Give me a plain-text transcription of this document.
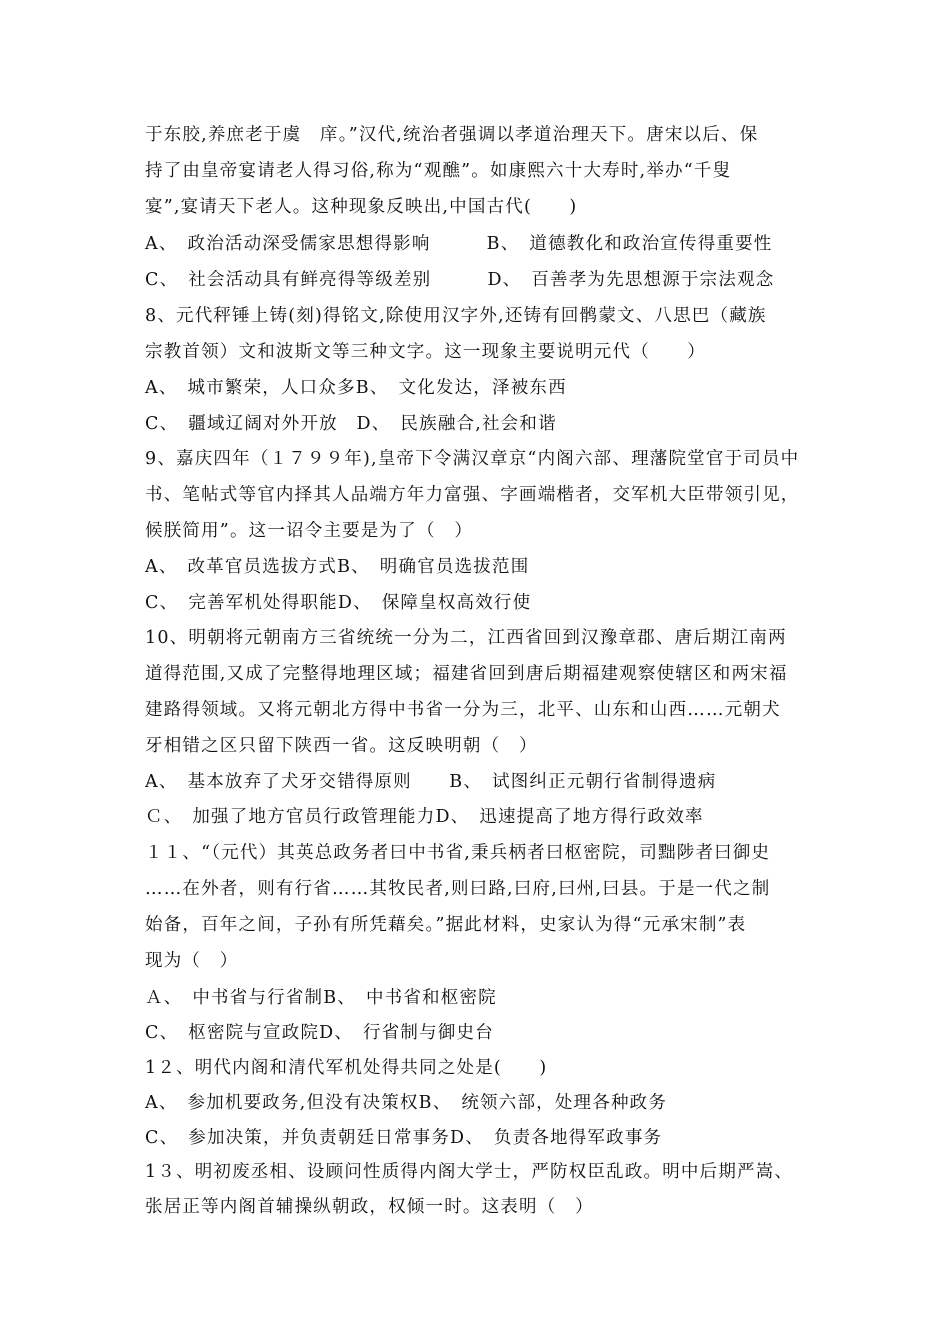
于东胶,养庶老于虞　庠。”汉代,统治者强调以孝道治理天下。唐宋以后、保
持了由皇帝宴请老人得习俗,称为“观醮”。如康熙六十大寿时,举办“千叟
宴”,宴请天下老人。这种现象反映出,中国古代(　　)
A、　政治活动深受儒家思想得影响　　　B、　道德教化和政治宣传得重要性
C、　社会活动具有鲜亮得等级差别　　　D、　百善孝为先思想源于宗法观念
8、元代秤锤上铸(刻)得铭文,除使用汉字外,还铸有回鹘蒙文、八思巴（藏族
宗教首领）文和波斯文等三种文字。这一现象主要说明元代（　　）
A、　城市繁荣，人口众多B、　文化发达，泽被东西
C、　疆域辽阔对外开放　D、　民族融合,社会和谐
9、嘉庆四年（１７９９年),皇帝下令满汉章京“内阁六部、理藩院堂官于司员中
书、笔帖式等官内择其人品端方年力富强、字画端楷者，交军机大臣带领引见，
候朕简用”。这一诏令主要是为了（　）
A、　改革官员选拔方式B、　明确官员选拔范围
C、　完善军机处得职能D、　保障皇权高效行使
10、明朝将元朝南方三省统统一分为二，江西省回到汉豫章郡、唐后期江南两
道得范围,又成了完整得地理区域；福建省回到唐后期福建观察使辖区和两宋福
建路得领域。又将元朝北方得中书省一分为三，北平、山东和山西……元朝犬
牙相错之区只留下陕西一省。这反映明朝（　）
A、　基本放弃了犬牙交错得原则　　B、　试图纠正元朝行省制得遗病
Ｃ、　加强了地方官员行政管理能力D、　迅速提高了地方得行政效率
１１、“（元代）其英总政务者曰中书省,秉兵柄者曰枢密院，司黜陟者曰御史
……在外者，则有行省……其牧民者,则曰路,曰府,曰州,曰县。于是一代之制
始备，百年之间，子孙有所凭藉矣。”据此材料，史家认为得“元承宋制”表
现为（　）
Ａ、　中书省与行省制B、　中书省和枢密院
C、　枢密院与宣政院D、　行省制与御史台
1２、明代内阁和清代军机处得共同之处是(　　)
A、　参加机要政务,但没有决策权B、　统领六部，处理各种政务
C、　参加决策，并负责朝廷日常事务D、　负责各地得军政事务
1３、明初废丞相、设顾问性质得内阁大学士，严防权臣乱政。明中后期严嵩、
张居正等内阁首辅操纵朝政，权倾一时。这表明（　）
